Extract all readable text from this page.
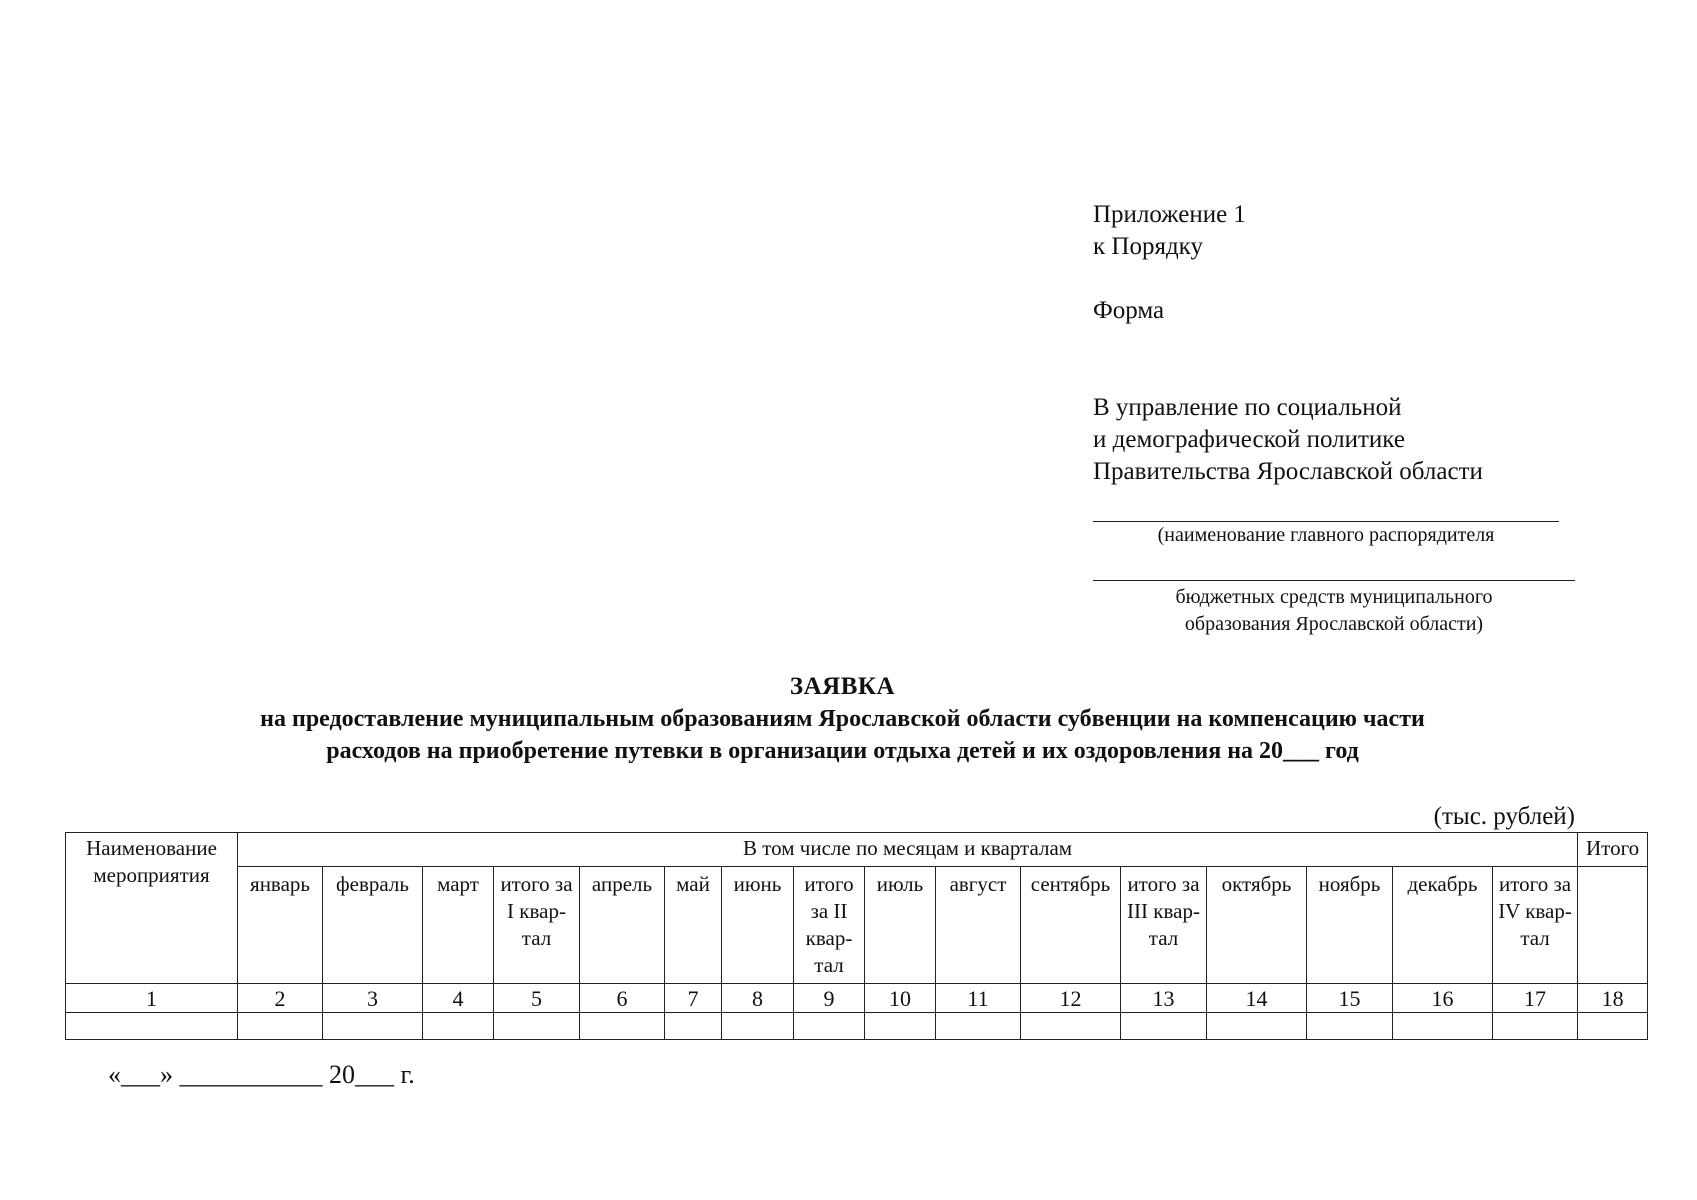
Приложение 1
к Порядку
Форма
В управление по социальной
и демографической политике
Правительства Ярославской области
(наименование главного распорядителя
бюджетных средств муниципального
образования Ярославской области)
ЗАЯВКА
на предоставление муниципальным образованиям Ярославской области субвенции на компенсацию части
расходов на приобретение путевки в организации отдыха детей и их оздоровления на 20___ год
(тыс. рублей)
Наименование мероприятия	В том числе по месяцам и кварталам																Итого
	январь	февраль	март	итого за I квар-тал	апрель	май	июнь	итого за II квар-тал	июль	август	сентябрь	итого за III квар-тал	октябрь	ноябрь	декабрь	итого за IV квар-тал	
1	2	3	4	5	6	7	8	9	10	11	12	13	14	15	16	17	18

«___» ___________ 20___ г.
